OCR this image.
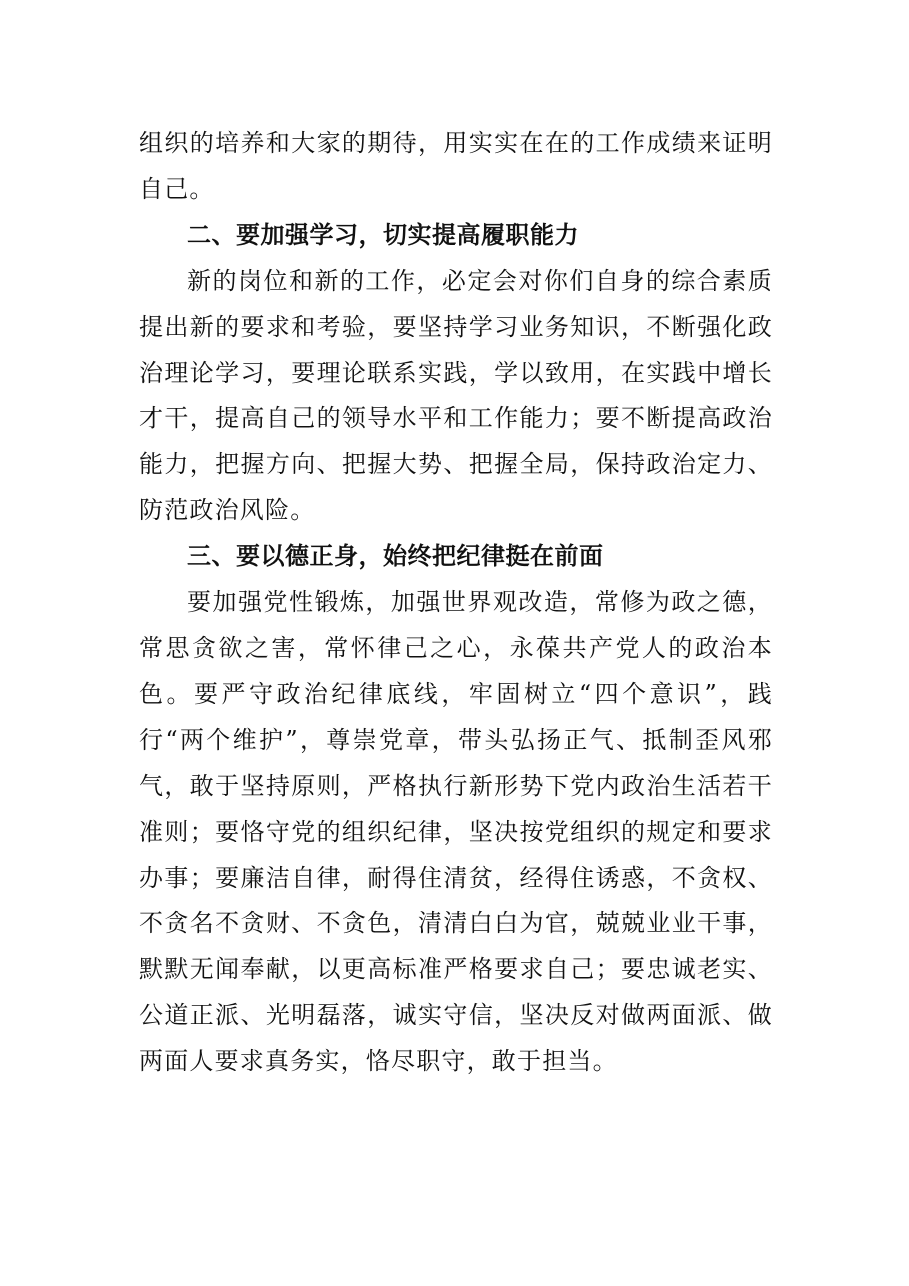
组织的培养和大家的期待，用实实在在的工作成绩来证明自己。

二、要加强学习，切实提高履职能力

新的岗位和新的工作，必定会对你们自身的综合素质提出新的要求和考验，要坚持学习业务知识，不断强化政治理论学习，要理论联系实践，学以致用，在实践中增长才干，提高自己的领导水平和工作能力；要不断提高政治能力，把握方向、把握大势、把握全局，保持政治定力、防范政治风险。

三、要以德正身，始终把纪律挺在前面

要加强党性锻炼，加强世界观改造，常修为政之德，常思贪欲之害，常怀律己之心，永葆共产党人的政治本色。要严守政治纪律底线，牢固树立“四个意识”，践行“两个维护”，尊崇党章，带头弘扬正气、抵制歪风邪气，敢于坚持原则，严格执行新形势下党内政治生活若干准则；要恪守党的组织纪律，坚决按党组织的规定和要求办事；要廉洁自律，耐得住清贫，经得住诱惑，不贪权、不贪名不贪财、不贪色，清清白白为官，兢兢业业干事，默默无闻奉献，以更高标准严格要求自己；要忠诚老实、公道正派、光明磊落，诚实守信，坚决反对做两面派、做两面人要求真务实，恪尽职守，敢于担当。
